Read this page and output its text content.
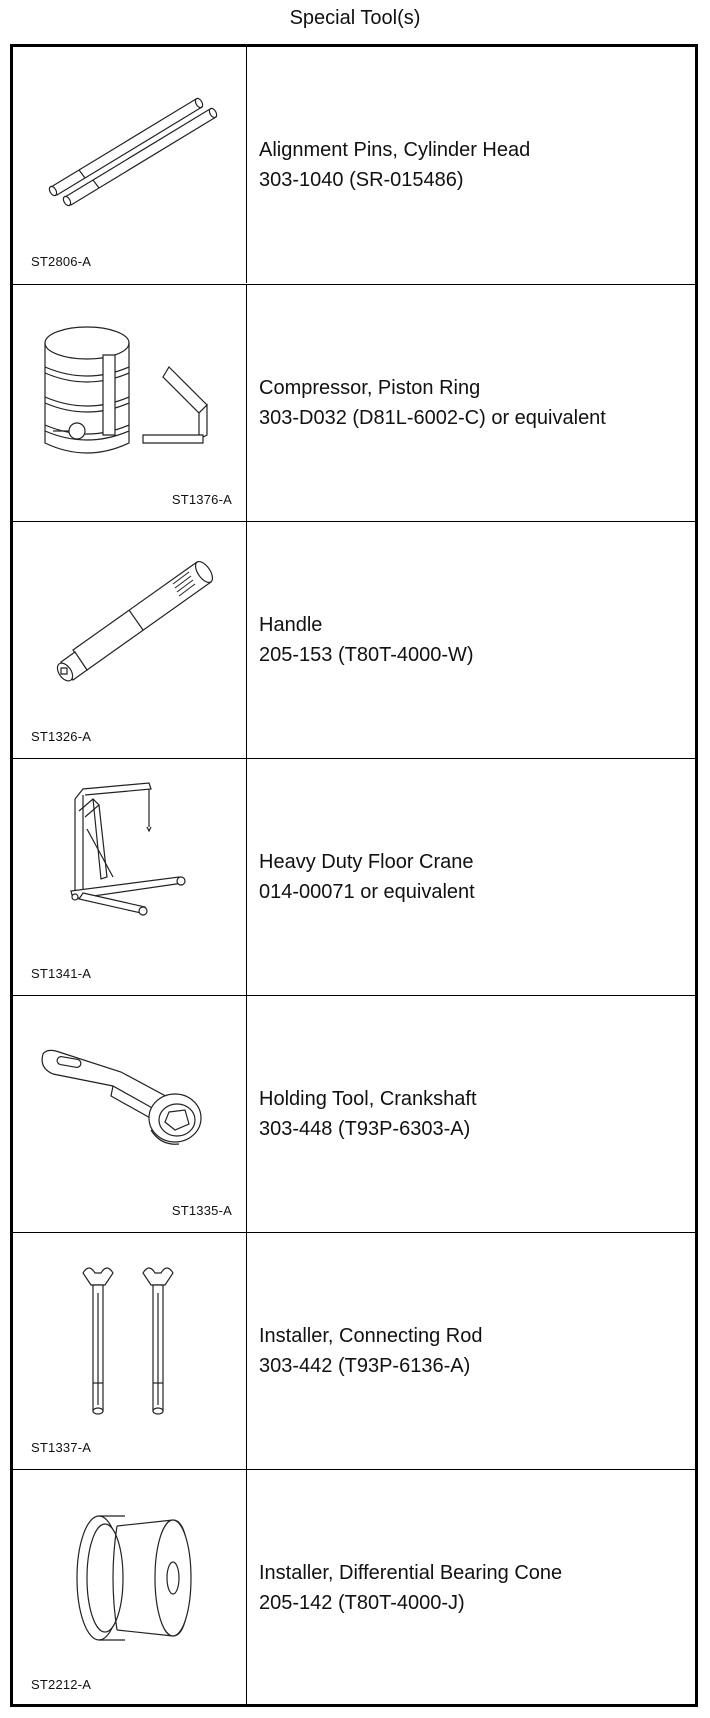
Special Tool(s)
ST2806-A
Alignment Pins, Cylinder Head
303-1040 (SR-015486)
ST1376-A
Compressor, Piston Ring
303-D032 (D81L-6002-C) or equivalent
ST1326-A
Handle
205-153 (T80T-4000-W)
ST1341-A
Heavy Duty Floor Crane
014-00071 or equivalent
ST1335-A
Holding Tool, Crankshaft
303-448 (T93P-6303-A)
ST1337-A
Installer, Connecting Rod
303-442 (T93P-6136-A)
ST2212-A
Installer, Differential Bearing Cone
205-142 (T80T-4000-J)
